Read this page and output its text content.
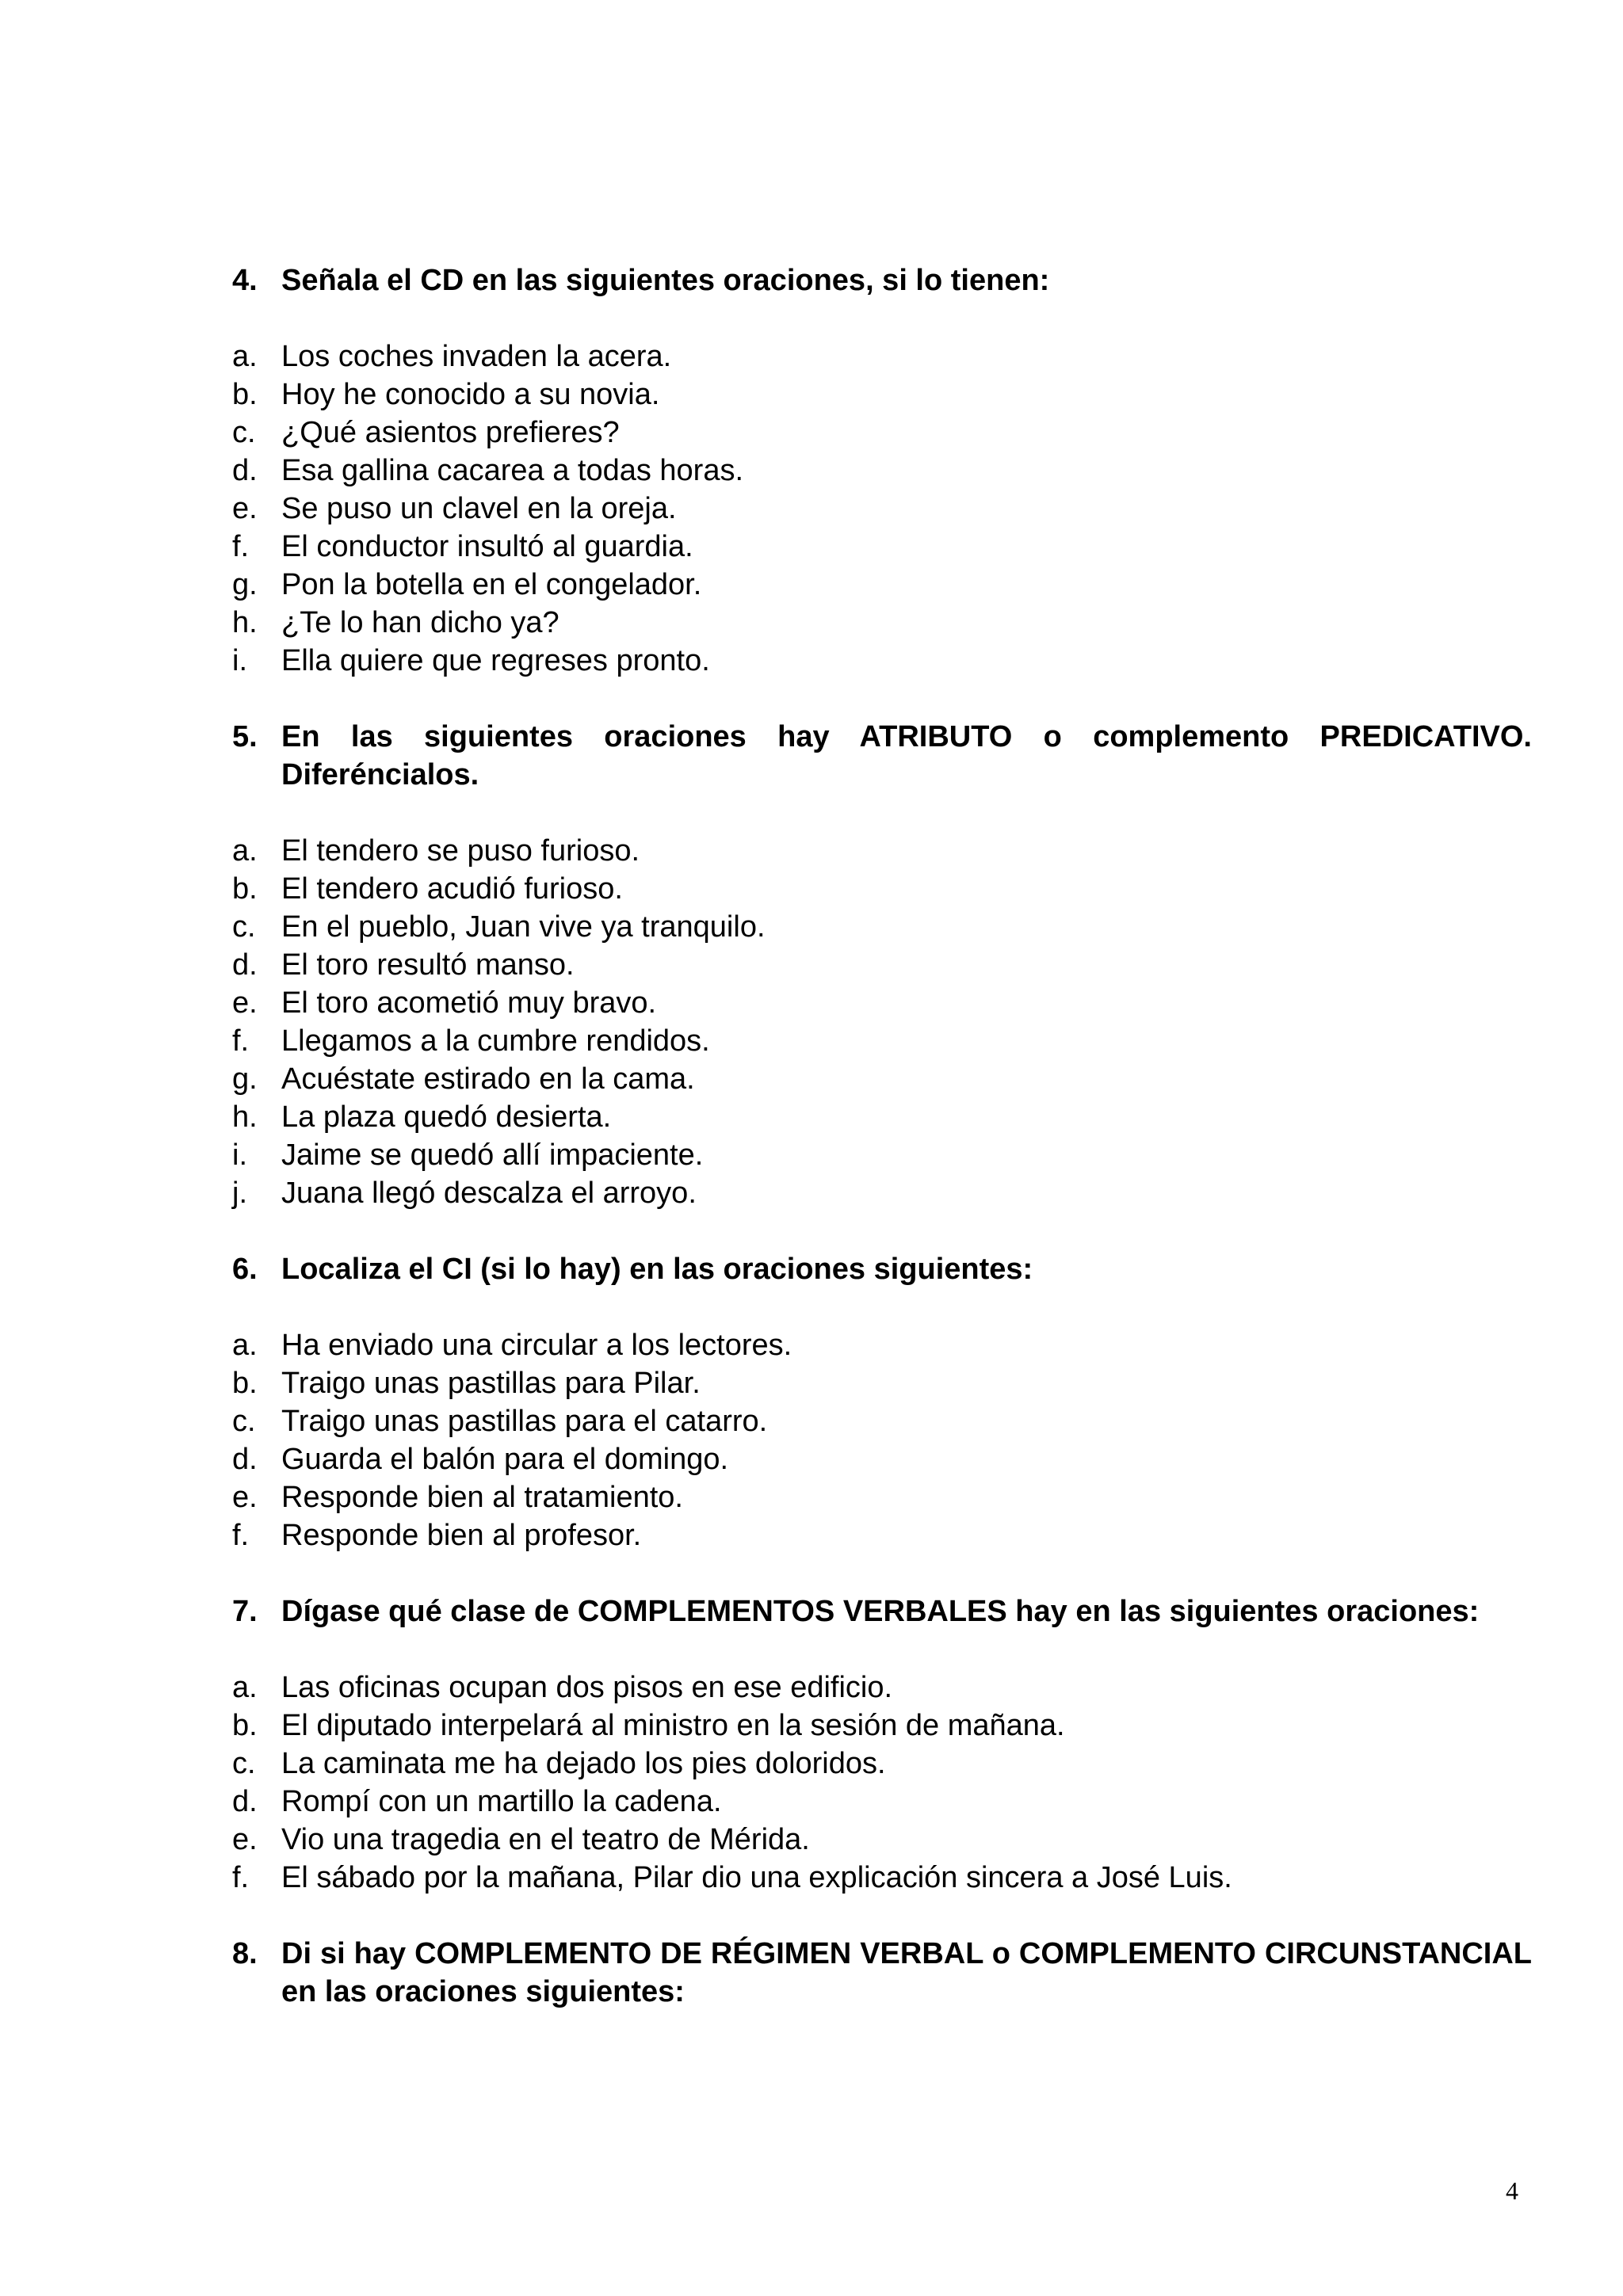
4. Señala el CD en las siguientes oraciones, si lo tienen:
a. Los coches invaden la acera.
b. Hoy he conocido a su novia.
c. ¿Qué asientos prefieres?
d. Esa gallina cacarea a todas horas.
e. Se puso un clavel en la oreja.
f.	El conductor insultó al guardia.
g. Pon la botella en el congelador.
h. ¿Te lo han dicho ya?
i.	Ella quiere que regreses pronto.
5. En las siguientes oraciones hay ATRIBUTO o complemento PREDICATIVO. Diferéncialos.
a. El tendero se puso furioso.
b. El tendero acudió furioso.
c. En el pueblo, Juan vive ya tranquilo.
d. El toro resultó manso.
e. El toro acometió muy bravo.
f.	Llegamos a la cumbre rendidos.
g. Acuéstate estirado en la cama.
h. La plaza quedó desierta.
i.	Jaime se quedó allí impaciente.
j.	Juana llegó descalza el arroyo.
6. Localiza el CI (si lo hay) en las oraciones siguientes:
a. Ha enviado una circular a los lectores.
b. Traigo unas pastillas para Pilar.
c. Traigo unas pastillas para el catarro.
d. Guarda el balón para el domingo.
e. Responde bien al tratamiento.
f.	Responde bien al profesor.
7. Dígase qué clase de COMPLEMENTOS VERBALES hay en las siguientes oraciones:
a. Las oficinas ocupan dos pisos en ese edificio.
b. El diputado interpelará al ministro en la sesión de mañana.
c. La caminata me ha dejado los pies doloridos.
d. Rompí con un martillo la cadena.
e. Vio una tragedia en el teatro de Mérida.
f.	El sábado por la mañana, Pilar dio una explicación sincera a José Luis.
8. Di si hay COMPLEMENTO DE RÉGIMEN VERBAL o COMPLEMENTO CIRCUNSTANCIAL en las oraciones siguientes:
4
